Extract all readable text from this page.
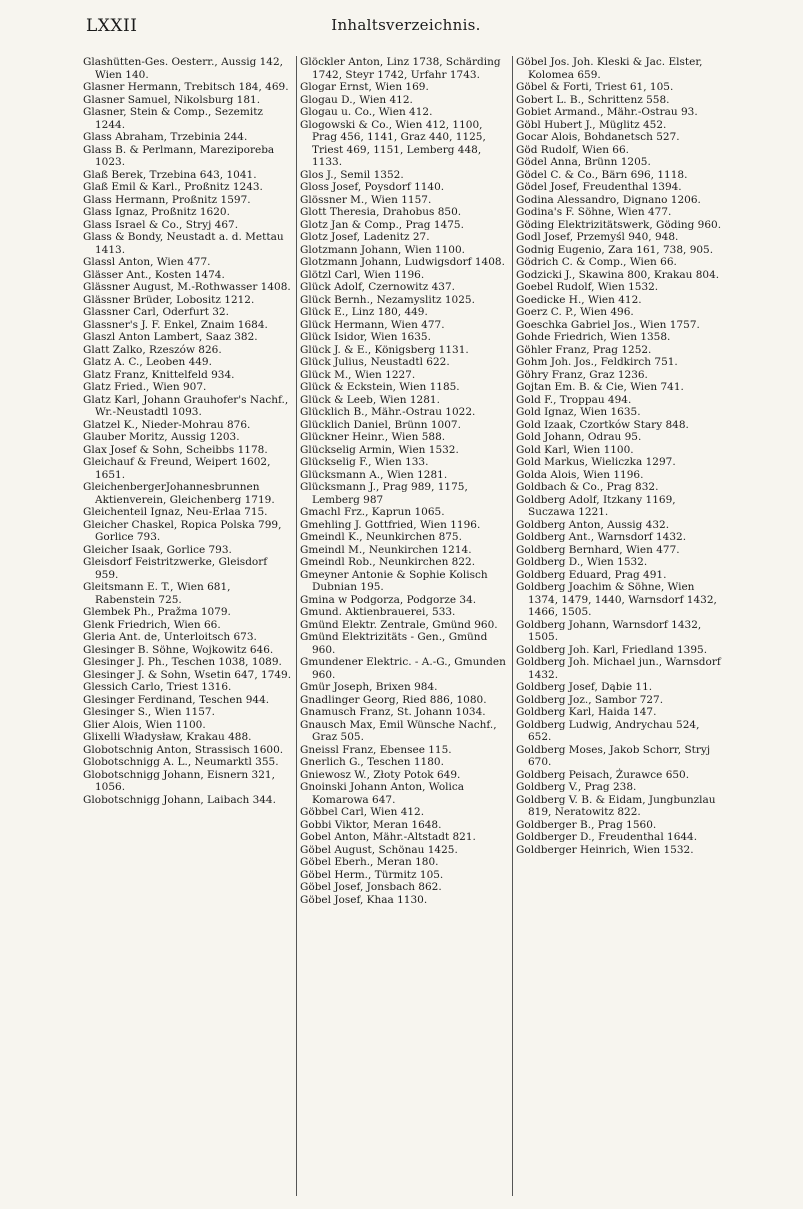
LXXII	Inhaltsverzeichnis.
Glashütten-Ges. Oesterr., Aussig 142, Wien 140.
Glasner Hermann, Trebitsch 184, 469.
Glasner Samuel, Nikolsburg 181.
Glasner, Stein & Comp., Sezemitz 1244.
Glass Abraham, Trzebinia 244.
Glass B. & Perlmann, Mareziporeba 1023.
Glaß Berek, Trzebina 643, 1041.
Glaß Emil & Karl., Proßnitz 1243.
Glass Hermann, Proßnitz 1597.
Glass Ignaz, Proßnitz 1620.
Glass Israel & Co., Stryj 467.
Glass & Bondy, Neustadt a. d. Mettau 1413.
Glassl Anton, Wien 477.
Glässer Ant., Kosten 1474.
Glässner August, M.-Rothwasser 1408.
Glässner Brüder, Lobositz 1212.
Glassner Carl, Oderfurt 32.
Glassner's J. F. Enkel, Znaim 1684.
Glaszl Anton Lambert, Saaz 382.
Glatt Zalko, Rzeszów 826.
Glatz A. C., Leoben 449.
Glatz Franz, Knittelfeld 934.
Glatz Fried., Wien 907.
Glatz Karl, Johann Grauhofer's Nachf., Wr.-Neustadtl 1093.
Glatzel K., Nieder-Mohrau 876.
Glauber Moritz, Aussig 1203.
Glax Josef & Sohn, Scheibbs 1178.
Gleichauf & Freund, Weipert 1602, 1651.
GleichenbergerJohannesbrunnen Aktienverein, Gleichenberg 1719.
Gleichenteil Ignaz, Neu-Erlaa 715.
Gleicher Chaskel, Ropica Polska 799, Gorlice 793.
Gleicher Isaak, Gorlice 793.
Gleisdorf Feistritzwerke, Gleisdorf 959.
Gleitsmann E. T., Wien 681, Rabenstein 725.
Glembek Ph., Pražma 1079.
Glenk Friedrich, Wien 66.
Gleria Ant. de, Unterloitsch 673.
Glesinger B. Söhne, Wojkowitz 646.
Glesinger J. Ph., Teschen 1038, 1089.
Glesinger J. & Sohn, Wsetin 647, 1749.
Glessich Carlo, Triest 1316.
Glesinger Ferdinand, Teschen 944.
Glesinger S., Wien 1157.
Glier Alois, Wien 1100.
Glixelli Władysław, Krakau 488.
Globotschnig Anton, Strassisch 1600.
Globotschnigg A. L., Neumarktl 355.
Globotschnigg Johann, Eisnern 321, 1056.
Globotschnigg Johann, Laibach 344.
Glöckler Anton, Linz 1738, Schärding 1742, Steyr 1742, Urfahr 1743.
Glogar Ernst, Wien 169.
Glogau D., Wien 412.
Glogau u. Co., Wien 412.
Glogowski & Co., Wien 412, 1100, Prag 456, 1141, Graz 440, 1125, Triest 469, 1151, Lemberg 448, 1133.
Glos J., Semil 1352.
Gloss Josef, Poysdorf 1140.
Glössner M., Wien 1157.
Glott Theresia, Drahobus 850.
Glotz Jan & Comp., Prag 1475.
Glotz Josef, Ladenitz 27.
Glotzmann Johann, Wien 1100.
Glotzmann Johann, Ludwigsdorf 1408.
Glötzl Carl, Wien 1196.
Glück Adolf, Czernowitz 437.
Glück Bernh., Nezamyslitz 1025.
Glück E., Linz 180, 449.
Glück Hermann, Wien 477.
Glück Isidor, Wien 1635.
Glück J. & E., Königsberg 1131.
Glück Julius, Neustadtl 622.
Glück M., Wien 1227.
Glück & Eckstein, Wien 1185.
Glück & Leeb, Wien 1281.
Glücklich B., Mähr.-Ostrau 1022.
Glücklich Daniel, Brünn 1007.
Glückner Heinr., Wien 588.
Glückselig Armin, Wien 1532.
Glückselig F., Wien 133.
Glücksmann A., Wien 1281.
Glücksmann J., Prag 989, 1175, Lemberg 987
Gmachl Frz., Kaprun 1065.
Gmehling J. Gottfried, Wien 1196.
Gmeindl K., Neunkirchen 875.
Gmeindl M., Neunkirchen 1214.
Gmeindl Rob., Neunkirchen 822.
Gmeyner Antonie & Sophie Kolisch Dubnian 195.
Gmina w Podgorza, Podgorze 34.
Gmund. Aktienbrauerei, 533.
Gmünd Elektr. Zentrale, Gmünd 960.
Gmünd Elektrizitäts - Gen., Gmünd 960.
Gmundener Elektric. - A.-G., Gmunden 960.
Gmür Joseph, Brixen 984.
Gnadlinger Georg, Ried 886, 1080.
Gnamusch Franz, St. Johann 1034.
Gnausch Max, Emil Wünsche Nachf., Graz 505.
Gneissl Franz, Ebensee 115.
Gnerlich G., Teschen 1180.
Gniewosz W., Złoty Potok 649.
Gnoinski Johann Anton, Wolica Komarowa 647.
Göbbel Carl, Wien 412.
Gobbi Viktor, Meran 1648.
Gobel Anton, Mähr.-Altstadt 821.
Göbel August, Schönau 1425.
Göbel Eberh., Meran 180.
Göbel Herm., Türmitz 105.
Göbel Josef, Jonsbach 862.
Göbel Josef, Khaa 1130.
Göbel Jos. Joh. Kleski & Jac. Elster, Kolomea 659.
Göbel & Forti, Triest 61, 105.
Gobert L. B., Schrittenz 558.
Gobiet Armand., Mähr.-Ostrau 93.
Göbl Hubert J., Müglitz 452.
Gocar Alois, Bohdanetsch 527.
Göd Rudolf, Wien 66.
Gödel Anna, Brünn 1205.
Gödel C. & Co., Bärn 696, 1118.
Gödel Josef, Freudenthal 1394.
Godina Alessandro, Dignano 1206.
Godina's F. Söhne, Wien 477.
Göding Elektrizitätswerk, Göding 960.
Godl Josef, Przemyśl 940, 948.
Godnig Eugenio, Zara 161, 738, 905.
Gödrich C. & Comp., Wien 66.
Godzicki J., Skawina 800, Krakau 804.
Goebel Rudolf, Wien 1532.
Goedicke H., Wien 412.
Goerz C. P., Wien 496.
Goeschka Gabriel Jos., Wien 1757.
Gohde Friedrich, Wien 1358.
Göhler Franz, Prag 1252.
Gohm Joh. Jos., Feldkirch 751.
Göhry Franz, Graz 1236.
Gojtan Em. B. & Cie, Wien 741.
Gold F., Troppau 494.
Gold Ignaz, Wien 1635.
Gold Izaak, Czortków Stary 848.
Gold Johann, Odrau 95.
Gold Karl, Wien 1100.
Gold Markus, Wieliczka 1297.
Golda Alois, Wien 1196.
Goldbach & Co., Prag 832.
Goldberg Adolf, Itzkany 1169, Suczawa 1221.
Goldberg Anton, Aussig 432.
Goldberg Ant., Warnsdorf 1432.
Goldberg Bernhard, Wien 477.
Goldberg D., Wien 1532.
Goldberg Eduard, Prag 491.
Goldberg Joachim & Söhne, Wien 1374, 1479, 1440, Warnsdorf 1432, 1466, 1505.
Goldberg Johann, Warnsdorf 1432, 1505.
Goldberg Joh. Karl, Friedland 1395.
Goldberg Joh. Michael jun., Warnsdorf 1432.
Goldberg Josef, Dąbie 11.
Goldberg Joz., Sambor 727.
Goldberg Karl, Haida 147.
Goldberg Ludwig, Andrychau 524, 652.
Goldberg Moses, Jakob Schorr, Stryj 670.
Goldberg Peisach, Żurawce 650.
Goldberg V., Prag 238.
Goldberg V. B. & Eidam, Jungbunzlau 819, Neratowitz 822.
Goldberger B., Prag 1560.
Goldberger D., Freudenthal 1644.
Goldberger Heinrich, Wien 1532.
